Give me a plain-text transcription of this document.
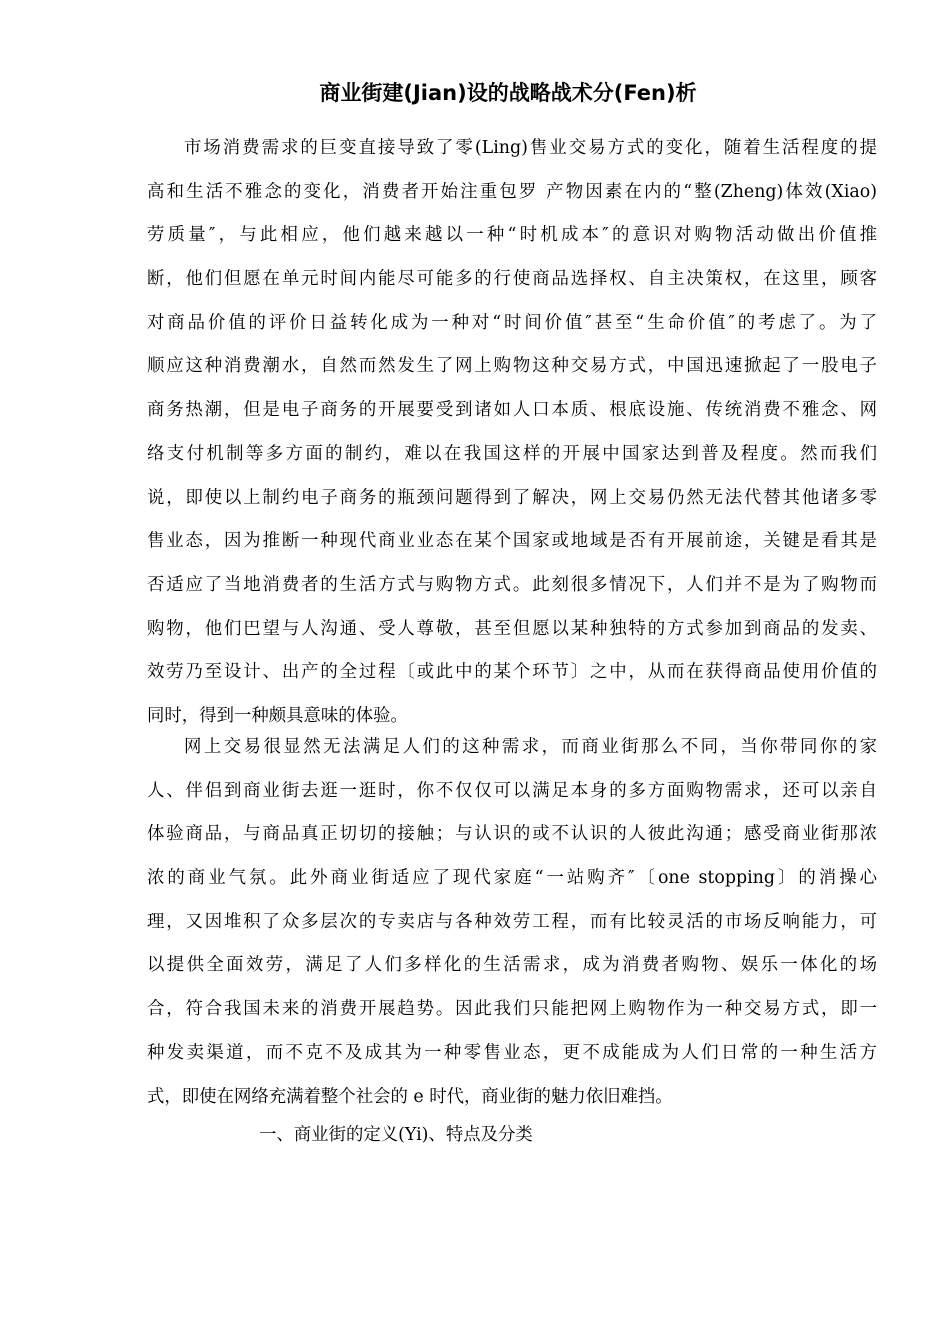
商业街建(Jian)设的战略战术分(Fen)析
市场消费需求的巨变直接导致了零(Ling)售业交易方式的变化，随着生活程度的提
高和生活不雅念的变化，消费者开始注重包罗 产物因素在内的“整(Zheng)体效(Xiao)
劳质量″，与此相应，他们越来越以一种“时机成本″的意识对购物活动做出价值推
断，他们但愿在单元时间内能尽可能多的行使商品选择权、自主决策权，在这里，顾客
对商品价值的评价日益转化成为一种对“时间价值″甚至“生命价值″的考虑了。为了
顺应这种消费潮水，自然而然发生了网上购物这种交易方式，中国迅速掀起了一股电子
商务热潮，但是电子商务的开展要受到诸如人口本质、根底设施、传统消费不雅念、网
络支付机制等多方面的制约，难以在我国这样的开展中国家达到普及程度。然而我们
说，即使以上制约电子商务的瓶颈问题得到了解决，网上交易仍然无法代替其他诸多零
售业态，因为推断一种现代商业业态在某个国家或地域是否有开展前途，关键是看其是
否适应了当地消费者的生活方式与购物方式。此刻很多情况下，人们并不是为了购物而
购物，他们巴望与人沟通、受人尊敬，甚至但愿以某种独特的方式参加到商品的发卖、
效劳乃至设计、出产的全过程〔或此中的某个环节〕之中，从而在获得商品使用价值的
同时，得到一种颇具意味的体验。
网上交易很显然无法满足人们的这种需求，而商业街那么不同，当你带同你的家
人、伴侣到商业街去逛一逛时，你不仅仅可以满足本身的多方面购物需求，还可以亲自
体验商品，与商品真正切切的接触；与认识的或不认识的人彼此沟通；感受商业街那浓
浓的商业气氛。此外商业街适应了现代家庭“一站购齐″〔one stopping〕的消操心
理，又因堆积了众多层次的专卖店与各种效劳工程，而有比较灵活的市场反响能力，可
以提供全面效劳，满足了人们多样化的生活需求，成为消费者购物、娱乐一体化的场
合，符合我国未来的消费开展趋势。因此我们只能把网上购物作为一种交易方式，即一
种发卖渠道，而不克不及成其为一种零售业态，更不成能成为人们日常的一种生活方
式，即使在网络充满着整个社会的 e 时代，商业街的魅力依旧难挡。
一、商业街的定义(Yi)、特点及分类
